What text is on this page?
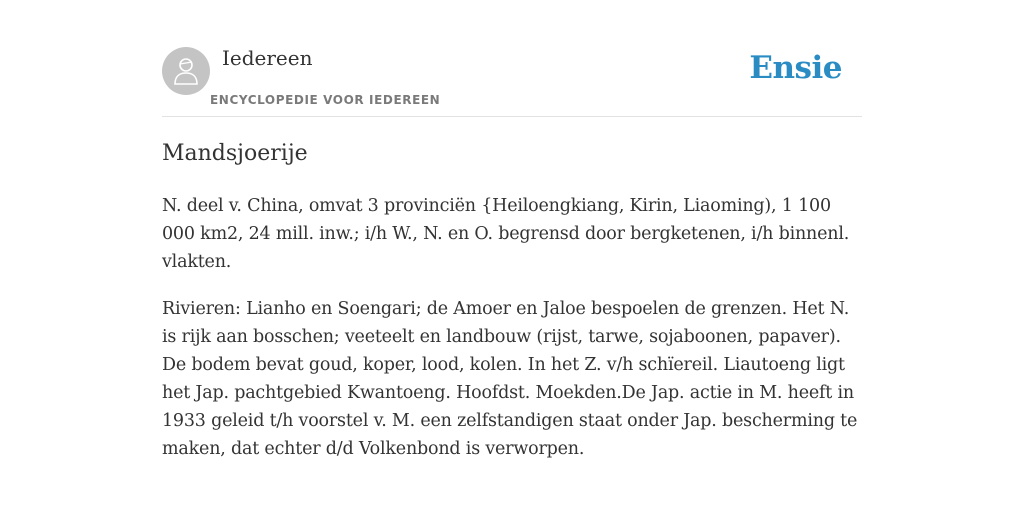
Iedereen
ENCYCLOPEDIE VOOR IEDEREEN
Ensie
Mandsjoerije

N. deel v. China, omvat 3 provinciën {Heiloengkiang, Kirin, Liaoming), 1 100 000 km2, 24 mill. inw.; i/h W., N. en O. begrensd door bergketenen, i/h binnenl. vlakten.

Rivieren: Lianho en Soengari; de Amoer en Jaloe bespoelen de grenzen. Het N. is rijk aan bosschen; veeteelt en landbouw (rijst, tarwe, sojaboonen, papaver). De bodem bevat goud, koper, lood, kolen. In het Z. v/h schïereil. Liautoeng ligt het Jap. pachtgebied Kwantoeng. Hoofdst. Moekden.De Jap. actie in M. heeft in 1933 geleid t/h voorstel v. M. een zelfstandigen staat onder Jap. bescherming te maken, dat echter d/d Volkenbond is verworpen.
